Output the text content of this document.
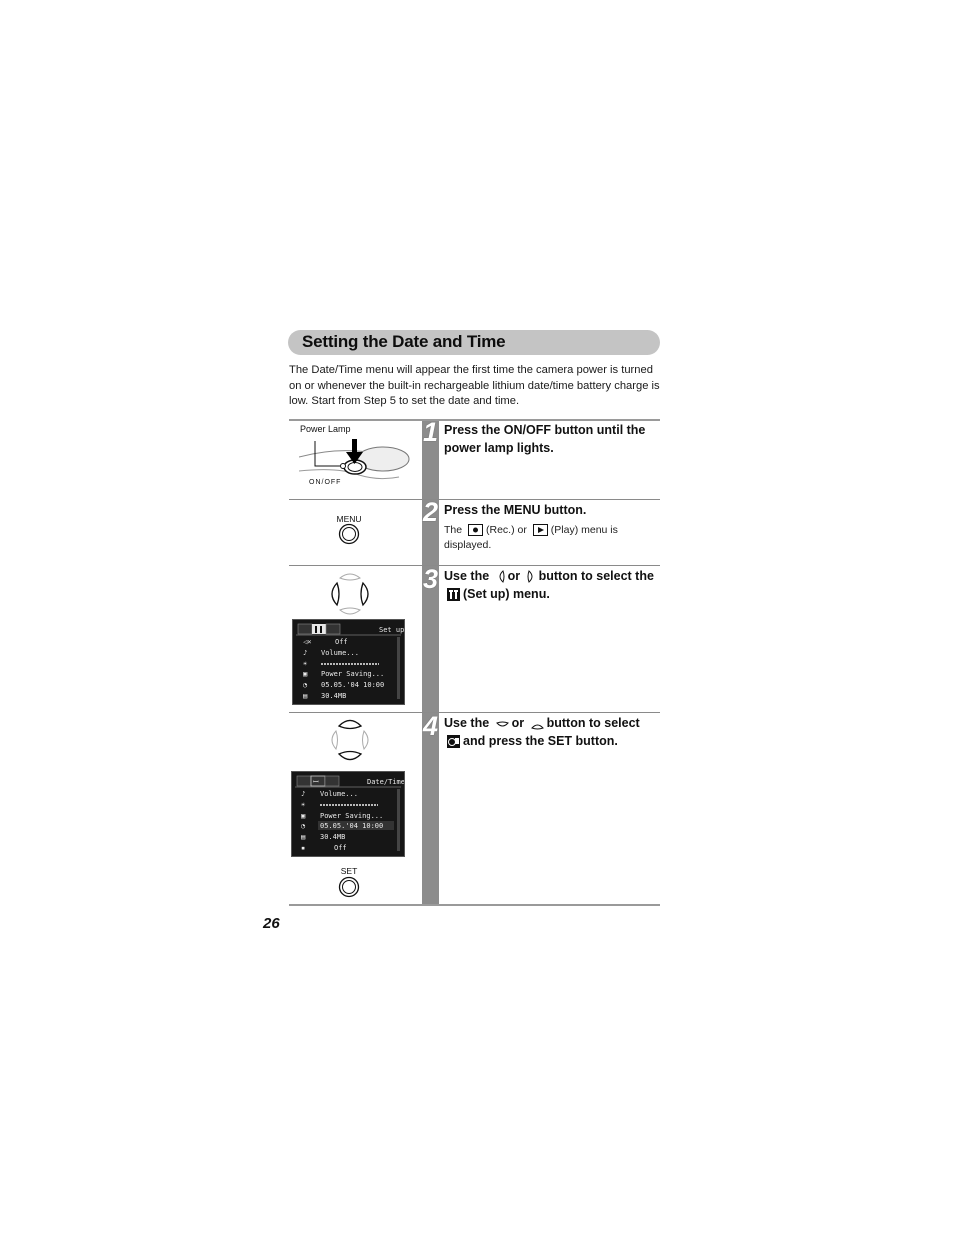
Setting the Date and Time

The Date/Time menu will appear the first time the camera power is turned on or whenever the built-in rechargeable lithium date/time battery charge is low. Start from Step 5 to set the date and time.

1 Press the ON/OFF button until the power lamp lights.
Power Lamp
ON/OFF
2 Press the MENU button.
The (Rec.) or (Play) menu is displayed.
MENU
3 Use the or button to select the (Set up) menu.
Set up
◁×
♪
☀
▣
◔
▤
Off
Volume...
Power Saving...
05.05.'04 10:00
30.4MB
4 Use the or button to select and press the SET button.
ꟷ	Date/Time
♪
☀
▣
◔
▤
▪
Volume...
Power Saving...
05.05.'04 10:00
30.4MB
Off
SET
26
